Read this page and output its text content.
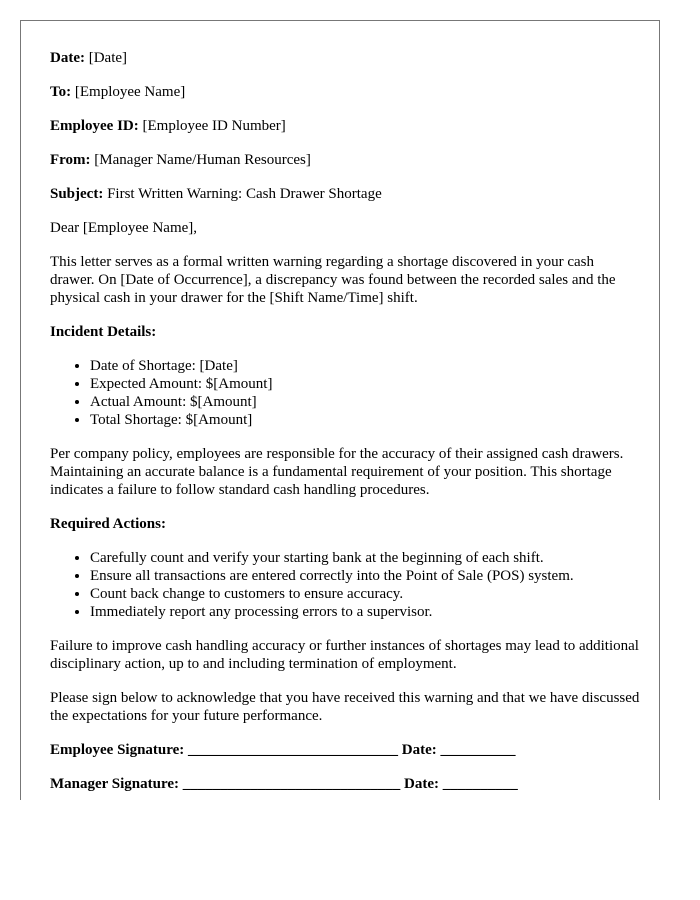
Date: [Date]
To: [Employee Name]
Employee ID: [Employee ID Number]
From: [Manager Name/Human Resources]
Subject: First Written Warning: Cash Drawer Shortage
Dear [Employee Name],

This letter serves as a formal written warning regarding a shortage discovered in your cash drawer. On [Date of Occurrence], a discrepancy was found between the recorded sales and the physical cash in your drawer for the [Shift Name/Time] shift.

Incident Details:
• Date of Shortage: [Date]
• Expected Amount: $[Amount]
• Actual Amount: $[Amount]
• Total Shortage: $[Amount]

Per company policy, employees are responsible for the accuracy of their assigned cash drawers. Maintaining an accurate balance is a fundamental requirement of your position. This shortage indicates a failure to follow standard cash handling procedures.

Required Actions:
• Carefully count and verify your starting bank at the beginning of each shift.
• Ensure all transactions are entered correctly into the Point of Sale (POS) system.
• Count back change to customers to ensure accuracy.
• Immediately report any processing errors to a supervisor.

Failure to improve cash handling accuracy or further instances of shortages may lead to additional disciplinary action, up to and including termination of employment.

Please sign below to acknowledge that you have received this warning and that we have discussed the expectations for your future performance.

Employee Signature: ____________________________ Date: __________
Manager Signature: _____________________________ Date: __________
